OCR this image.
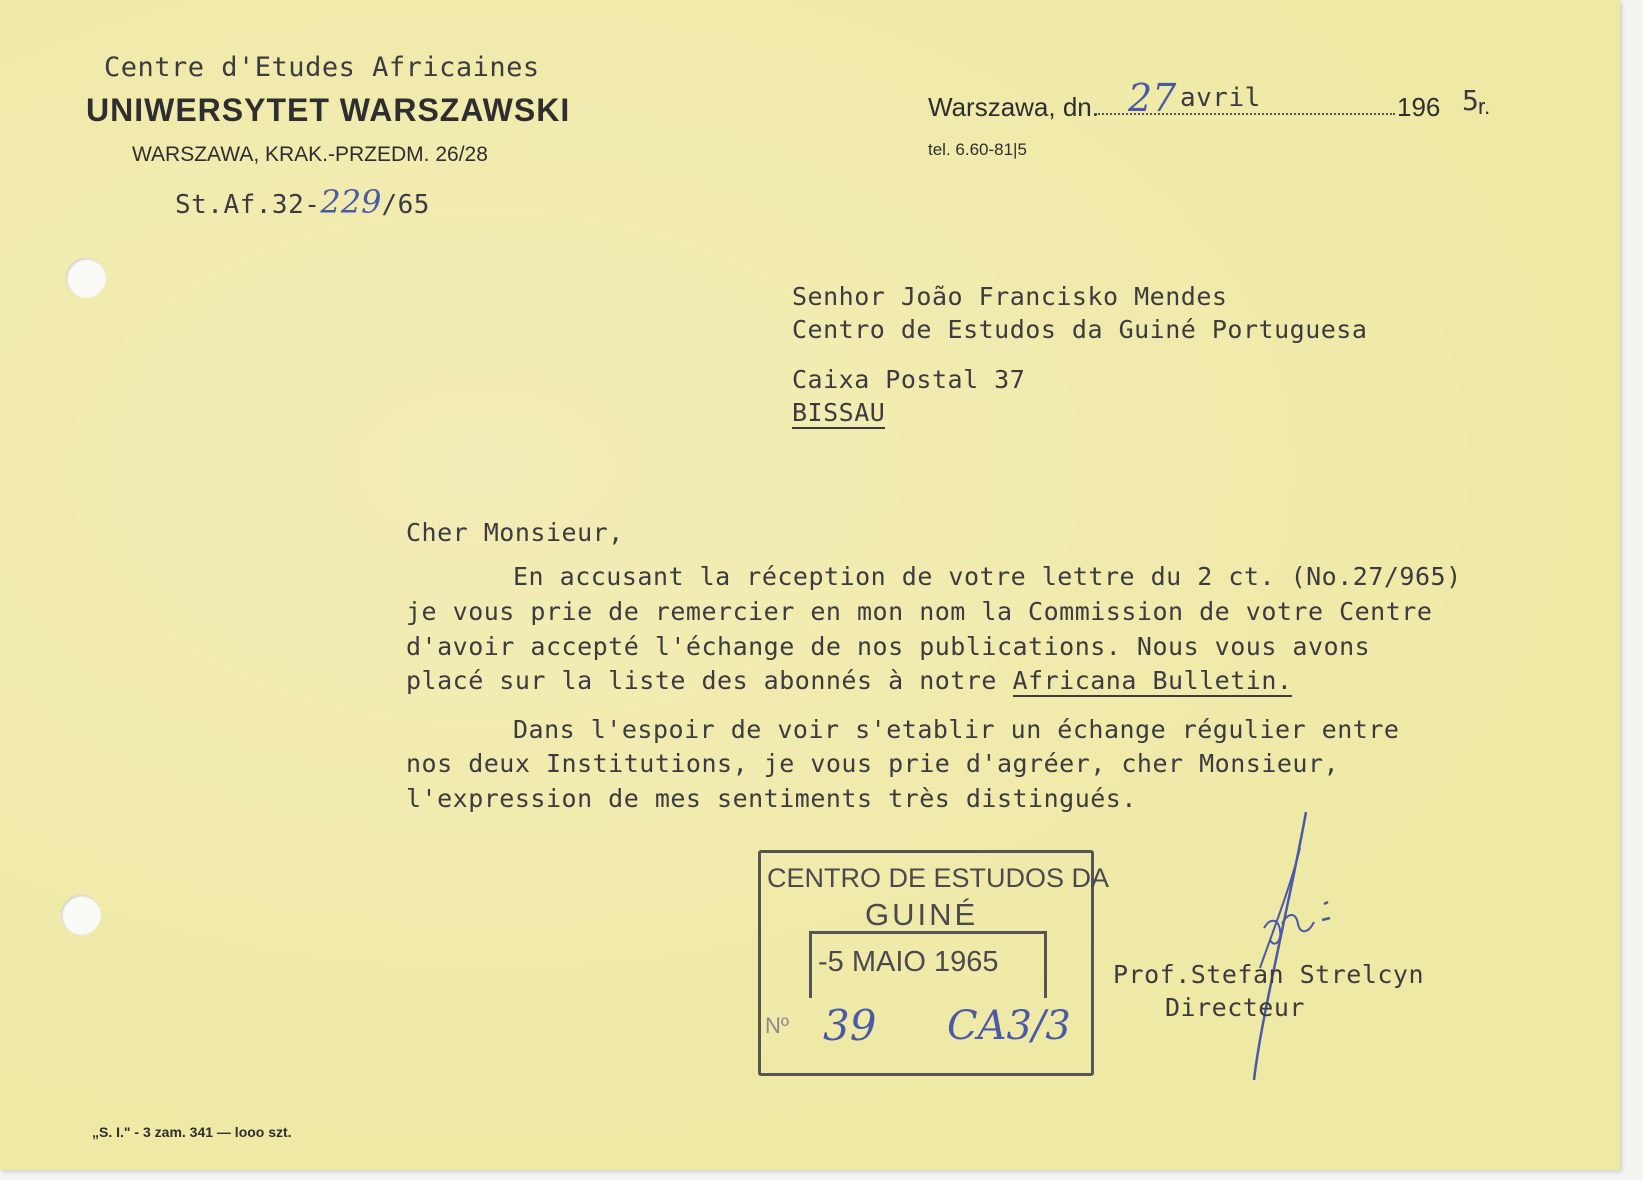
Centre d'Etudes Africaines
UNIWERSYTET WARSZAWSKI
WARSZAWA, KRAK.-PRZEDM. 26/28
St.Af.32-229/65
Warszawa, dn. 27 avril	196 5
r.
tel. 6.60-81|5
Senhor João Francisko Mendes
Centro de Estudos da Guiné Portuguesa
Caixa Postal 37
BISSAU
Cher Monsieur,
En accusant la réception de votre lettre du 2 ct. (No.27/965)
je vous prie de remercier en mon nom la Commission de votre Centre
d'avoir accepté l'échange de nos publications. Nous vous avons
placé sur la liste des abonnés à notre Africana Bulletin.
Dans l'espoir de voir s'etablir un échange régulier entre
nos deux Institutions, je vous prie d'agréer, cher Monsieur,
l'expression de mes sentiments très distingués.
CENTRO DE ESTUDOS DA
GUINÉ
-5 MAIO 1965
Nº 39 CA3/3
Prof.Stefan Strelcyn
Directeur
„S. I." - 3 zam. 341 — looo szt.
